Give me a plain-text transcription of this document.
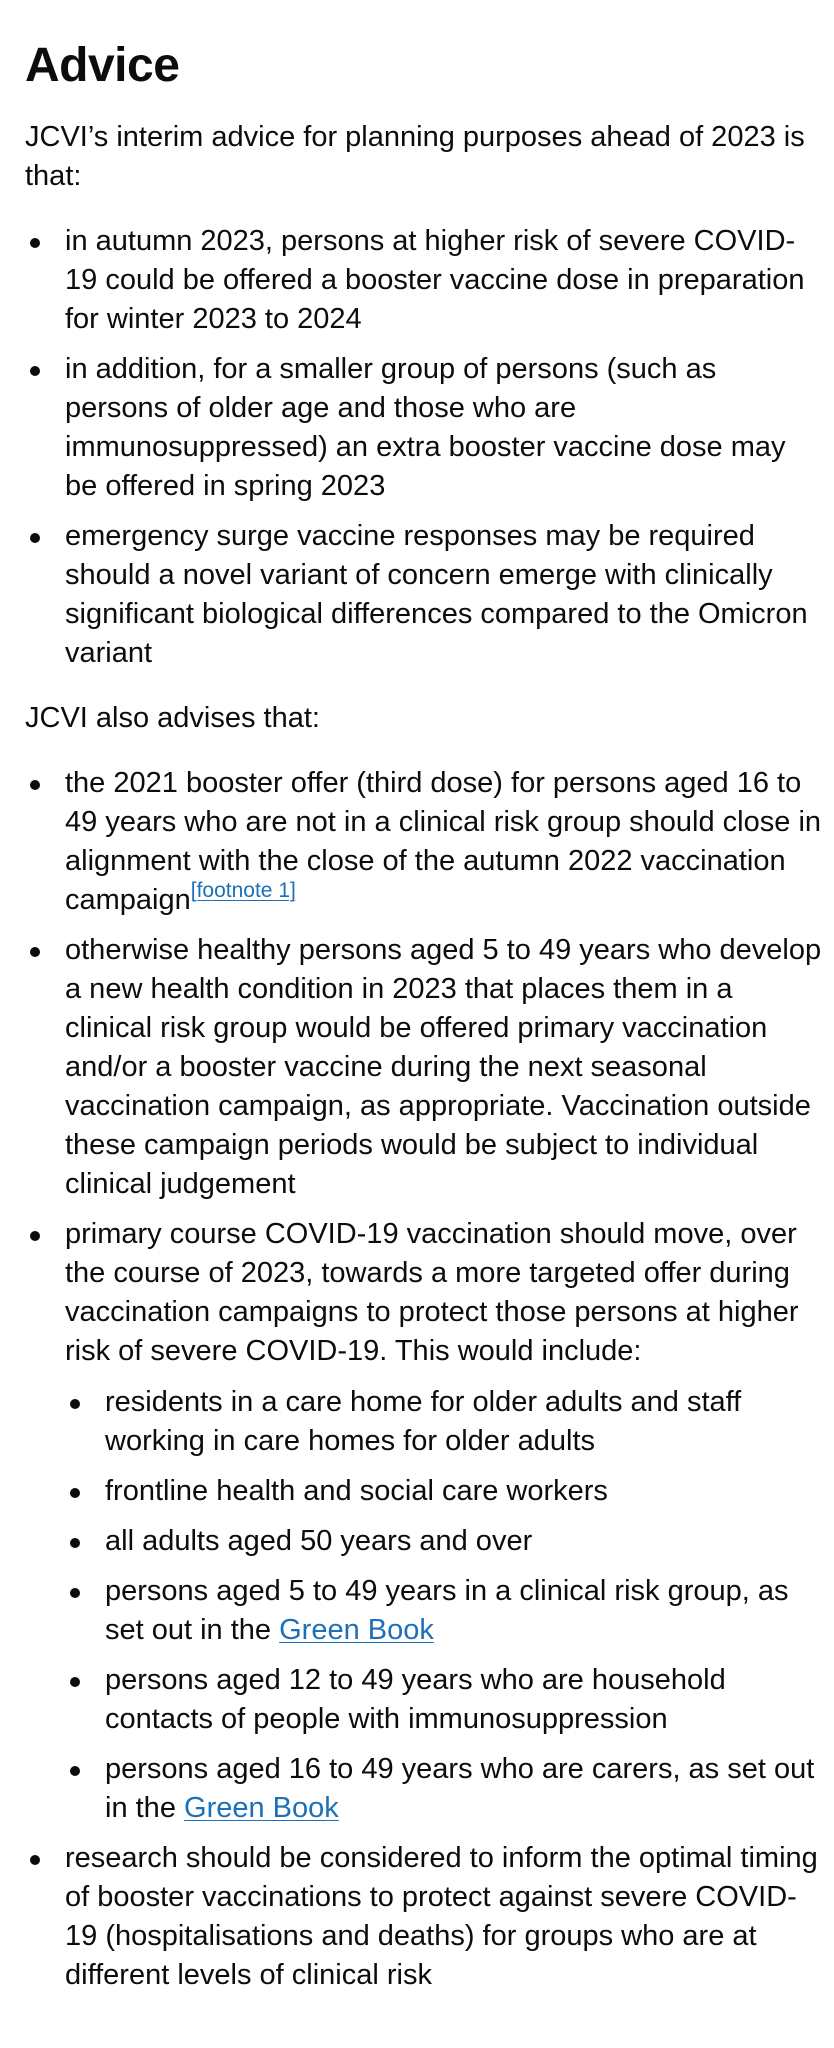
Advice

JCVI’s interim advice for planning purposes ahead of 2023 is that:

in autumn 2023, persons at higher risk of severe COVID-19 could be offered a booster vaccine dose in preparation for winter 2023 to 2024
in addition, for a smaller group of persons (such as persons of older age and those who are immunosuppressed) an extra booster vaccine dose may be offered in spring 2023
emergency surge vaccine responses may be required should a novel variant of concern emerge with clinically significant biological differences compared to the Omicron variant

JCVI also advises that:

the 2021 booster offer (third dose) for persons aged 16 to 49 years who are not in a clinical risk group should close in alignment with the close of the autumn 2022 vaccination campaign[footnote 1]
otherwise healthy persons aged 5 to 49 years who develop a new health condition in 2023 that places them in a clinical risk group would be offered primary vaccination and/or a booster vaccine during the next seasonal vaccination campaign, as appropriate. Vaccination outside these campaign periods would be subject to individual clinical judgement
primary course COVID-19 vaccination should move, over the course of 2023, towards a more targeted offer during vaccination campaigns to protect those persons at higher risk of severe COVID-19. This would include:
residents in a care home for older adults and staff working in care homes for older adults
frontline health and social care workers
all adults aged 50 years and over
persons aged 5 to 49 years in a clinical risk group, as set out in the Green Book
persons aged 12 to 49 years who are household contacts of people with immunosuppression
persons aged 16 to 49 years who are carers, as set out in the Green Book
research should be considered to inform the optimal timing of booster vaccinations to protect against severe COVID-19 (hospitalisations and deaths) for groups who are at different levels of clinical risk
